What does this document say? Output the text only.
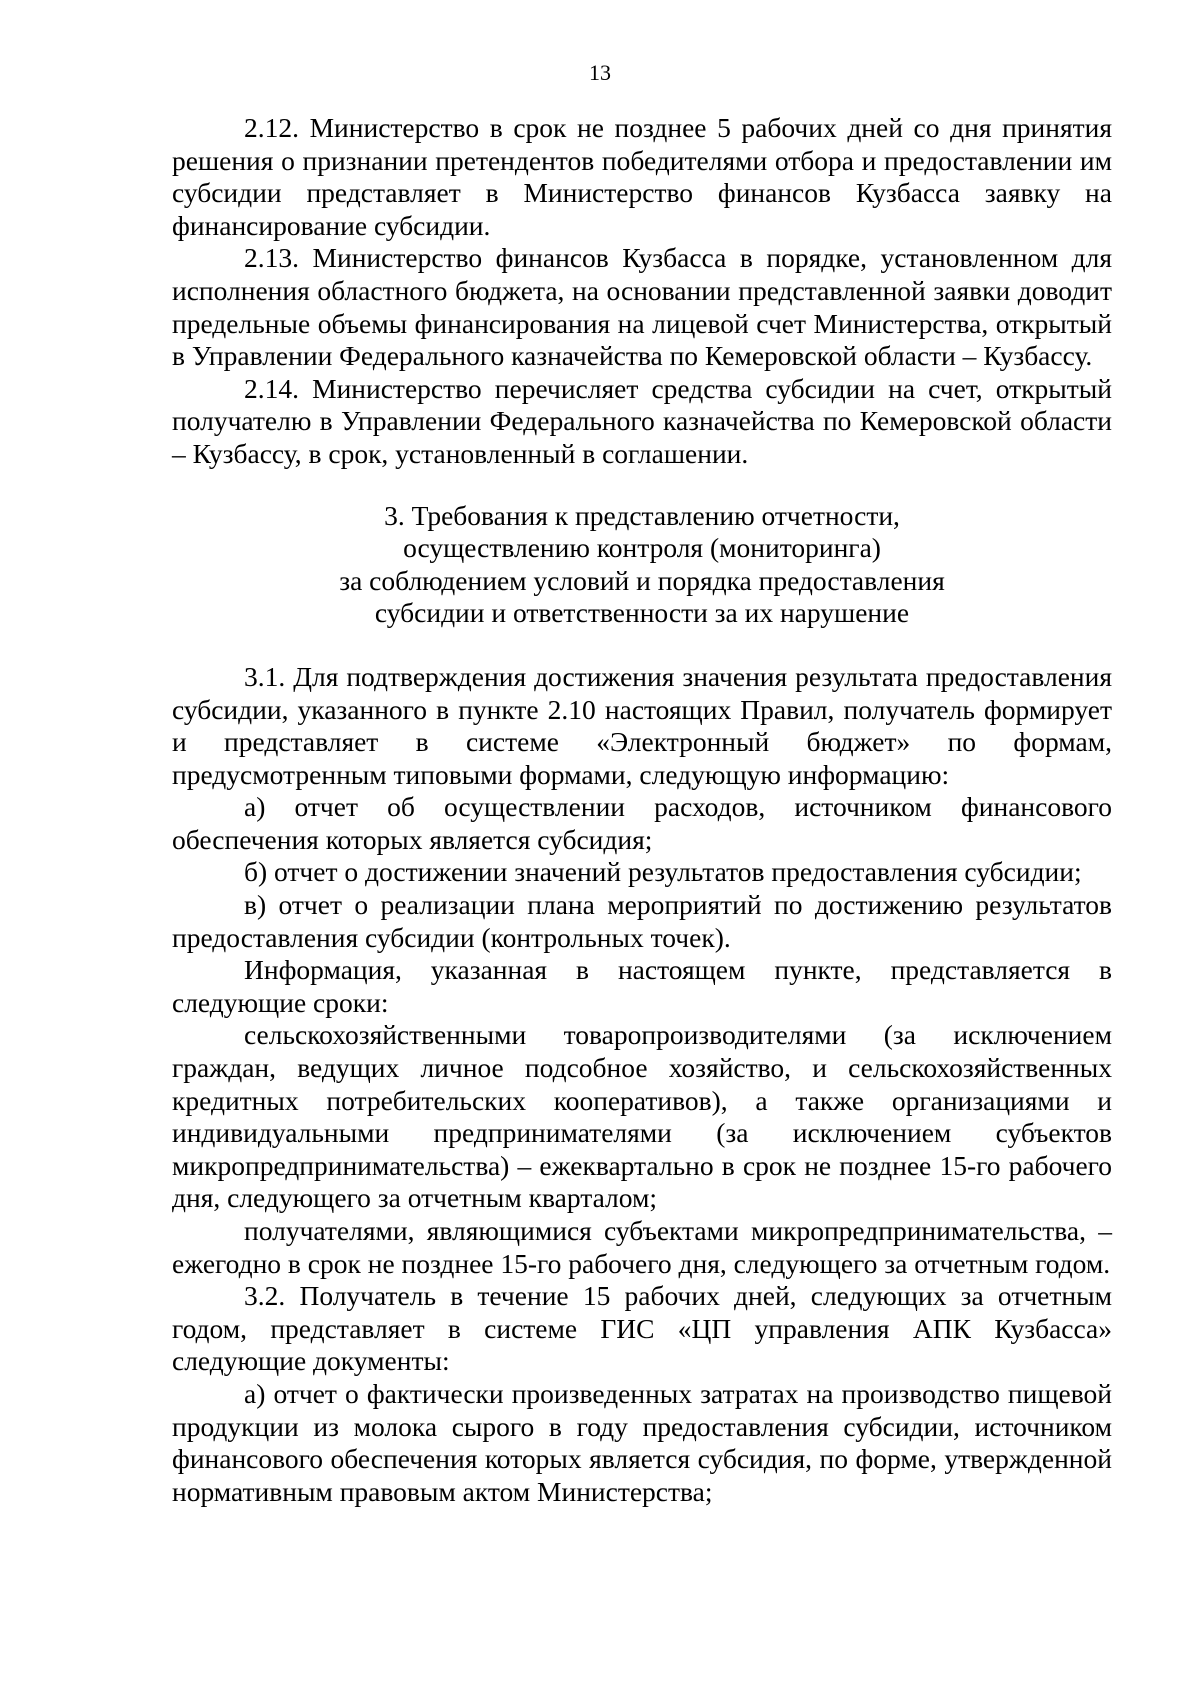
13

2.12. Министерство в срок не позднее 5 рабочих дней со дня принятия решения о признании претендентов победителями отбора и предоставлении им субсидии представляет в Министерство финансов Кузбасса заявку на финансирование субсидии.

2.13. Министерство финансов Кузбасса в порядке, установленном для исполнения областного бюджета, на основании представленной заявки доводит предельные объемы финансирования на лицевой счет Министерства, открытый в Управлении Федерального казначейства по Кемеровской области – Кузбассу.

2.14. Министерство перечисляет средства субсидии на счет, открытый получателю в Управлении Федерального казначейства по Кемеровской области – Кузбассу, в срок, установленный в соглашении.

3. Требования к представлению отчетности,
осуществлению контроля (мониторинга)
за соблюдением условий и порядка предоставления
субсидии и ответственности за их нарушение

3.1. Для подтверждения достижения значения результата предоставления субсидии, указанного в пункте 2.10 настоящих Правил, получатель формирует и представляет в системе «Электронный бюджет» по формам, предусмотренным типовыми формами, следующую информацию:

а) отчет об осуществлении расходов, источником финансового обеспечения которых является субсидия;

б) отчет о достижении значений результатов предоставления субсидии;

в) отчет о реализации плана мероприятий по достижению результатов предоставления субсидии (контрольных точек).

Информация, указанная в настоящем пункте, представляется в следующие сроки:

сельскохозяйственными товаропроизводителями (за исключением граждан, ведущих личное подсобное хозяйство, и сельскохозяйственных кредитных потребительских кооперативов), а также организациями и индивидуальными предпринимателями (за исключением субъектов микропредпринимательства) – ежеквартально в срок не позднее 15-го рабочего дня, следующего за отчетным кварталом;

получателями, являющимися субъектами микропредпринимательства, – ежегодно в срок не позднее 15-го рабочего дня, следующего за отчетным годом.

3.2. Получатель в течение 15 рабочих дней, следующих за отчетным годом, представляет в системе ГИС «ЦП управления АПК Кузбасса» следующие документы:

а) отчет о фактически произведенных затратах на производство пищевой продукции из молока сырого в году предоставления субсидии, источником финансового обеспечения которых является субсидия, по форме, утвержденной нормативным правовым актом Министерства;
